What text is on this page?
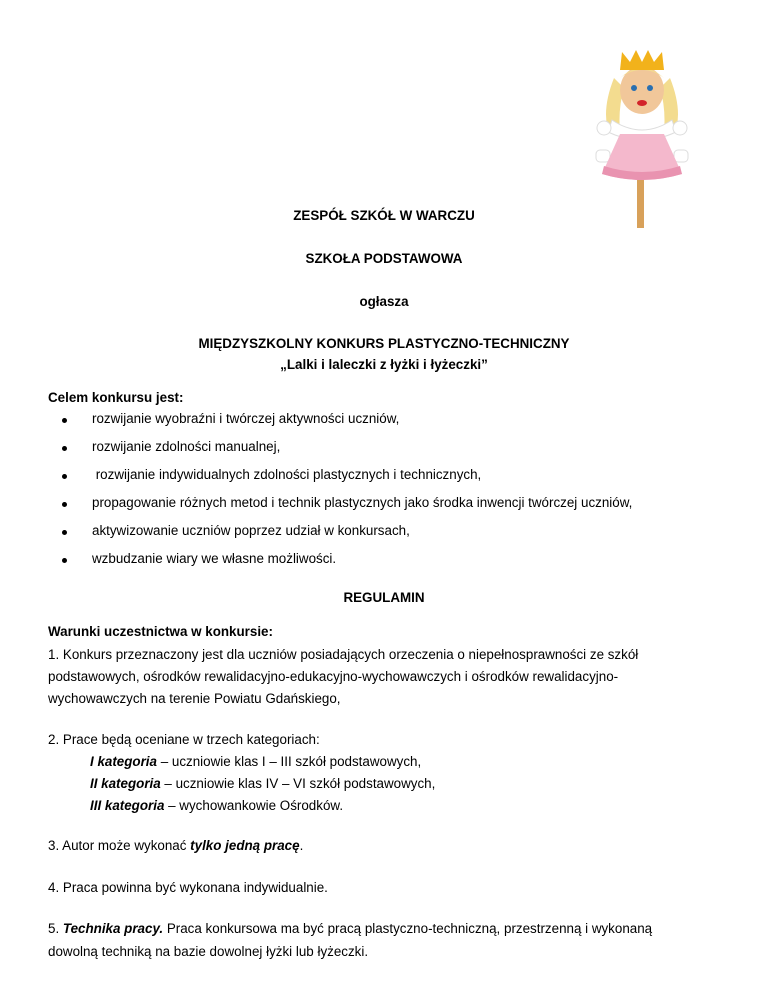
ZESPÓŁ SZKÓŁ W WARCZU
SZKOŁA PODSTAWOWA
ogłasza
MIĘDZYSZKOLNY KONKURS PLASTYCZNO-TECHNICZNY
„Lalki i laleczki z łyżki i łyżeczki”
Celem konkursu jest:
rozwijanie wyobraźni i twórczej aktywności uczniów,
rozwijanie zdolności manualnej,
rozwijanie indywidualnych zdolności plastycznych i technicznych,
propagowanie różnych metod i technik plastycznych jako środka inwencji twórczej uczniów,
aktywizowanie uczniów poprzez udział w konkursach,
wzbudzanie wiary we własne możliwości.
REGULAMIN
Warunki uczestnictwa w konkursie:
1. Konkurs przeznaczony jest dla uczniów posiadających orzeczenia o niepełnosprawności ze szkół
podstawowych, ośrodków rewalidacyjno-edukacyjno-wychowawczych i ośrodków rewalidacyjno-
wychowawczych na terenie Powiatu Gdańskiego,
2. Prace będą oceniane w trzech kategoriach:
I kategoria – uczniowie klas I – III szkół podstawowych,
II kategoria – uczniowie klas IV – VI szkół podstawowych,
III kategoria – wychowankowie Ośrodków.
3. Autor może wykonać tylko jedną pracę.
4. Praca powinna być wykonana indywidualnie.
5. Technika pracy. Praca konkursowa ma być pracą plastyczno-techniczną, przestrzenną i wykonaną
dowolną techniką na bazie dowolnej łyżki lub łyżeczki.
